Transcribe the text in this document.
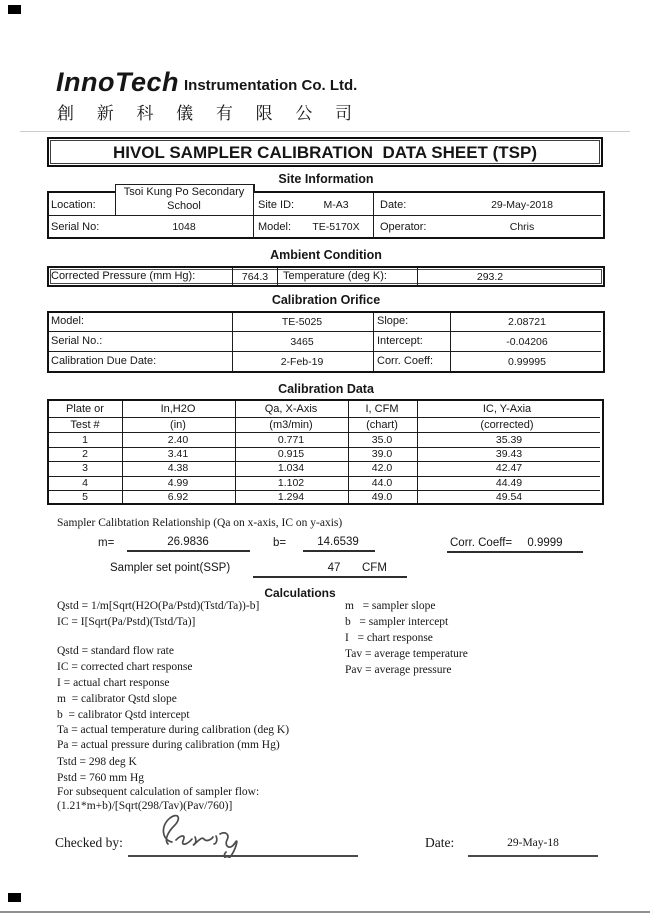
InnoTech Instrumentation Co. Ltd.
創 新 科 儀 有 限 公 司
HIVOL SAMPLER CALIBRATION  DATA SHEET (TSP)
Site Information
Tsoi Kung Po Secondary
Location:	School	Site ID:	M-A3	Date:	29-May-2018
Serial No:	1048	Model: TE-5170X Operator:	Chris
Ambient Condition
Corrected Pressure (mm Hg):	764.3 Temperature (deg K):	293.2
Calibration Orifice
Model:	TE-5025	Slope:	2.08721
Serial No.:	3465	Intercept:	-0.04206
Calibration Due Date:	2-Feb-19	Corr. Coeff:	0.99995
Calibration Data
Plate or	In,H2O	Qa, X-Axis	I, CFM	IC, Y-Axia
Test #	(in)	(m3/min)	(chart)	(corrected)
1	2.40	0.771	35.0	35.39
2	3.41	0.915	39.0	39.43
3	4.38	1.034	42.0	42.47
4	4.99	1.102	44.0	44.49
5	6.92	1.294	49.0	49.54
Sampler Calibtation Relationship (Qa on x-axis, IC on y-axis)
m=	26.9836	b=	14.6539	Corr. Coeff= 0.9999
Sampler set point(SSP)	47 CFM
Calculations
Qstd = 1/m[Sqrt(H2O(Pa/Pstd)(Tstd/Ta))-b]
IC = I[Sqrt(Pa/Pstd)(Tstd/Ta)]
m   = sampler slope
b   = sampler intercept
I   = chart response
Tav = average temperature
Pav = average pressure
Qstd = standard flow rate
IC = corrected chart response
I = actual chart response
m  = calibrator Qstd slope
b  = calibrator Qstd intercept
Ta = actual temperature during calibration (deg K)
Pa = actual pressure during calibration (mm Hg)
Tstd = 298 deg K
Pstd = 760 mm Hg
For subsequent calculation of sampler flow:
(1.21*m+b)/[Sqrt(298/Tav)(Pav/760)]
Checked by:	Date:	29-May-18
